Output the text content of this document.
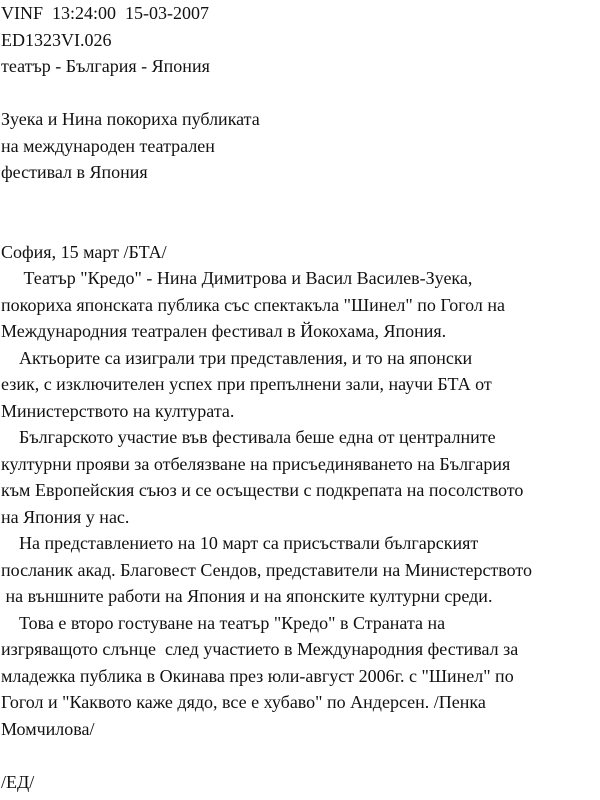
VINF  13:24:00  15-03-2007
ED1323VI.026
театър - България - Япония
Зуека и Нина покориха публиката
на международен театрален
фестивал в Япония
София, 15 март /БТА/
Театър "Кредо" - Нина Димитрова и Васил Василев-Зуека,
покориха японската публика със спектакъла "Шинел" по Гогол на
Международния театрален фестивал в Йокохама, Япония.
Актьорите са изиграли три представления, и то на японски
език, с изключителен успех при препълнени зали, научи БТА от
Министерството на културата.
Българското участие във фестивала беше една от централните
културни прояви за отбелязване на присъединяването на България
към Европейския съюз и се осъществи с подкрепата на посолството
на Япония у нас.
На представлението на 10 март са присъствали българският
посланик акад. Благовест Сендов, представители на Министерството
на външните работи на Япония и на японските културни среди.
Това е второ гостуване на театър "Кредо" в Страната на
изгряващото слънце  след участието в Международния фестивал за
младежка публика в Окинава през юли-август 2006г. с "Шинел" по
Гогол и "Каквото каже дядо, все е хубаво" по Андерсен. /Пенка
Момчилова/
/ЕД/
